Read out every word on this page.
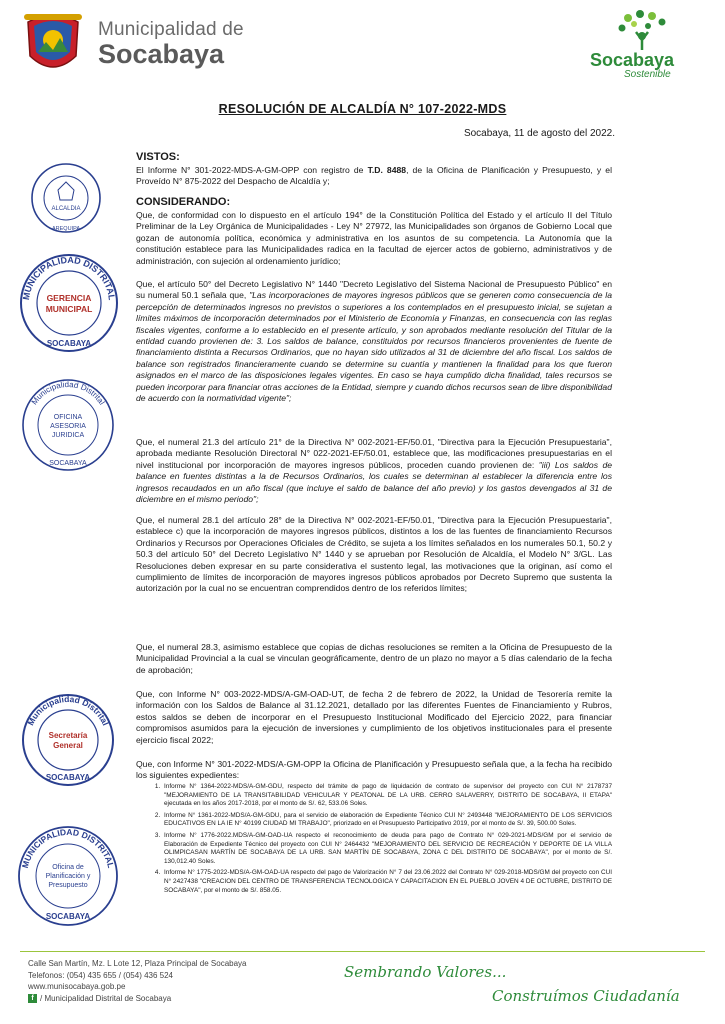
Municipalidad de
Socabaya	Socabaya
Sostenible
RESOLUCIÓN DE ALCALDÍA N° 107-2022-MDS
Socabaya, 11 de agosto del 2022.
VISTOS:

El Informe N° 301-2022-MDS-A-GM-OPP con registro de T.D. 8488, de la Oficina de Planificación y Presupuesto, y el Proveído N° 875-2022 del Despacho de Alcaldía y;

CONSIDERANDO:

Que, de conformidad con lo dispuesto en el artículo 194° de la Constitución Política del Estado y el artículo II del Título Preliminar de la Ley Orgánica de Municipalidades - Ley N° 27972, las Municipalidades son órganos de Gobierno Local que gozan de autonomía política, económica y administrativa en los asuntos de su competencia. La Autonomía que la constitución establece para las Municipalidades radica en la facultad de ejercer actos de gobierno, administrativos y de administración, con sujeción al ordenamiento jurídico;

Que, el artículo 50° del Decreto Legislativo N° 1440 "Decreto Legislativo del Sistema Nacional de Presupuesto Público" en su numeral 50.1 señala que, "Las incorporaciones de mayores ingresos públicos que se generen como consecuencia de la percepción de determinados ingresos no previstos o superiores a los contemplados en el presupuesto inicial, se sujetan a límites máximos de incorporación determinados por el Ministerio de Economía y Finanzas, en consecuencia con las reglas fiscales vigentes, conforme a lo establecido en el presente artículo, y son aprobados mediante resolución del Titular de la entidad cuando provienen de: 3. Los saldos de balance, constituidos por recursos financieros provenientes de fuente de financiamiento distinta a Recursos Ordinarios, que no hayan sido utilizados al 31 de diciembre del año fiscal. Los saldos de balance son registrados financieramente cuando se determine su cuantía y mantienen la finalidad para los que fueron asignados en el marco de las disposiciones legales vigentes. En caso se haya cumplido dicha finalidad, tales recursos se pueden incorporar para financiar otras acciones de la Entidad, siempre y cuando dichos recursos sean de libre disponibilidad de acuerdo con la normatividad vigente";

Que, el numeral 21.3 del artículo 21° de la Directiva N° 002-2021-EF/50.01, "Directiva para la Ejecución Presupuestaria", aprobada mediante Resolución Directoral N° 022-2021-EF/50.01, establece que, las modificaciones presupuestarias en el nivel institucional por incorporación de mayores ingresos públicos, proceden cuando provienen de: "iii) Los saldos de balance en fuentes distintas a la de Recursos Ordinarios, los cuales se determinan al establecer la diferencia entre los ingresos recaudados en un año fiscal (que incluye el saldo de balance del año previo) y los gastos devengados al 31 de diciembre en el mismo periodo";

Que, el numeral 28.1 del artículo 28° de la Directiva N° 002-2021-EF/50.01, "Directiva para la Ejecución Presupuestaria", establece c) que la incorporación de mayores ingresos públicos, distintos a los de las fuentes de financiamiento Recursos Ordinarios y Recursos por Operaciones Oficiales de Crédito, se sujeta a los límites señalados en los numerales 50.1, 50.2 y 50.3 del artículo 50° del Decreto Legislativo N° 1440 y se aprueban por Resolución de Alcaldía, el Modelo N° 3/GL. Las Resoluciones deben expresar en su parte considerativa el sustento legal, las motivaciones que la originan, así como el cumplimiento de límites de incorporación de mayores ingresos públicos aprobados por Decreto Supremo que sustenta la autorización por la cual no se encuentran comprendidos dentro de los referidos límites;

Que, el numeral 28.3, asimismo establece que copias de dichas resoluciones se remiten a la Oficina de Presupuesto de la Municipalidad Provincial a la cual se vinculan geográficamente, dentro de un plazo no mayor a 5 días calendario de la fecha de aprobación;

Que, con Informe N° 003-2022-MDS/A-GM-OAD-UT, de fecha 2 de febrero de 2022, la Unidad de Tesorería remite la información con los Saldos de Balance al 31.12.2021, detallado por las diferentes Fuentes de Financiamiento y Rubros, estos saldos se deben de incorporar en el Presupuesto Institucional Modificado del Ejercicio 2022, para financiar compromisos asumidos para la ejecución de inversiones y cumplimiento de los objetivos institucionales para el presente ejercicio fiscal 2022;

Que, con Informe N° 301-2022-MDS/A-GM-OPP la Oficina de Planificación y Presupuesto señala que, a la fecha ha recibido los siguientes expedientes:

1. Informe N° 1364-2022-MDS/A-GM-GDU, respecto del trámite de pago de liquidación de contrato de supervisor del proyecto con CUI N° 2178737 "MEJORAMIENTO DE LA TRANSITABILIDAD VEHICULAR Y PEATONAL DE LA URB. CERRO SALAVERRY, DISTRITO DE SOCABAYA, II ETAPA" ejecutada en los años 2017-2018, por el monto de S/. 62, 533.06 Soles.
2. Informe N° 1361-2022-MDS/A-GM-GDU, para el servicio de elaboración de Expediente Técnico CUI N° 2493448 "MEJORAMIENTO DE LOS SERVICIOS EDUCATIVOS EN LA IE N° 40199 CIUDAD MI TRABAJO", priorizado en el Presupuesto Participativo 2019, por el monto de S/. 39, 500.00 Soles.
3. Informe N° 1776-2022.MDS/A-GM-OAD-UA respecto el reconocimiento de deuda para pago de Contrato N° 029-2021-MDS/GM por el servicio de Elaboración de Expediente Técnico del proyecto con CUI N° 2464432 "MEJORAMIENTO DEL SERVICIO DE RECREACIÓN Y DEPORTE DE LA VILLA OLIMPICASAN MARTÍN DE SOCABAYA DE LA URB. SAN MARTÍN DE SOCABAYA, ZONA C DEL DISTRITO DE SOCABAYA", por el monto de S/. 130,012.40 Soles.
4. Informe N° 1775-2022-MDS/A-GM-OAD-UA respecto del pago de Valorización N° 7 del 23.06.2022 del Contrato N° 029-2018-MDS/GM del proyecto con CUI N° 2427438 "CREACION DEL CENTRO DE TRANSFERENCIA TECNOLOGICA Y CAPACITACION EN EL PUEBLO JOVEN 4 DE OCTUBRE, DISTRITO DE SOCABAYA", por el monto de S/. 858.05.
ALCALDIA
AREQUIPA
MUNICIPALIDAD DISTRITAL
GERENCIA
MUNICIPAL
SOCABAYA
Municipalidad Distrital
OFICINA
ASESORIA
JURIDICA
SOCABAYA
Municipalidad Distrital
Secretaría
General
SOCABAYA
MUNICIPALIDAD DISTRITAL
Oficina de
Planificación y
Presupuesto
SOCABAYA
Calle San Martín, Mz. L Lote 12, Plaza Principal de Socabaya
Telefonos: (054) 435 655 / (054) 436 524
www.munisocabaya.gob.pe
f / Municipalidad Distrital de Socabaya
Sembrando Valores...
Construímos Ciudadanía
